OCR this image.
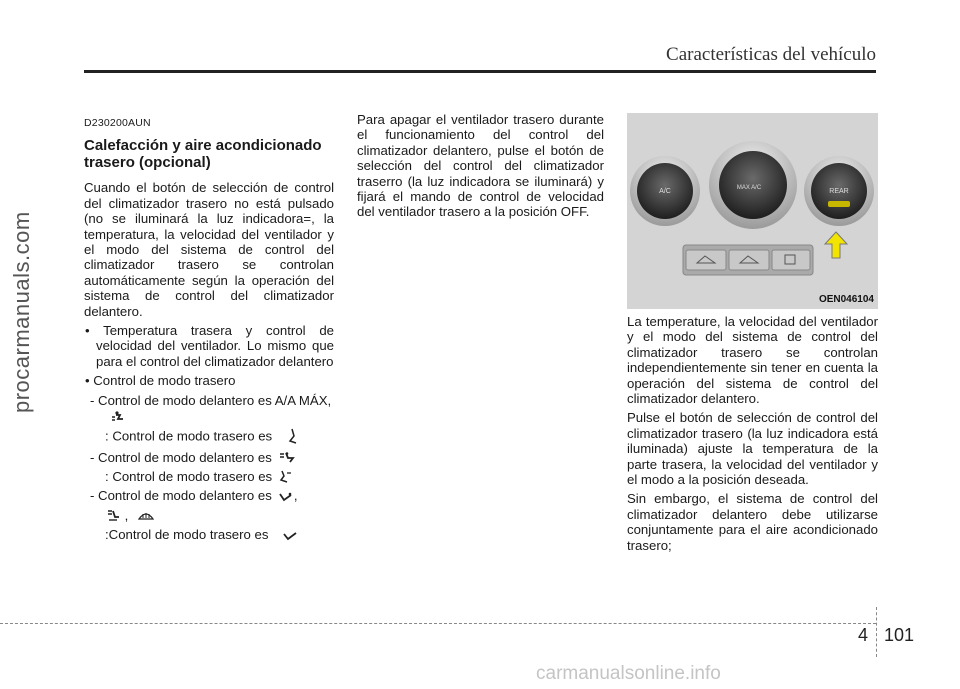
Características del vehículo
procarmanuals.com

D230200AUN

Calefacción y aire acondicionado trasero (opcional)

Cuando el botón de selección de control del climatizador trasero no está pulsado (no se iluminará la luz indicadora=, la temperatura, la velocidad del ventilador y el modo del sistema de control del climatizador trasero se controlan automáticamente según la operación del sistema de control del climatizador delantero.

• Temperatura trasera y control de velocidad del ventilador. Lo mismo que para el control del climatizador delantero

• Control de modo trasero

- Control de modo delantero es A/A MÁX,

: Control de modo trasero es

- Control de modo delantero es

: Control de modo trasero es

- Control de modo delantero es ,

,

:Control de modo trasero es

Para apagar el ventilador trasero durante el funcionamiento del control del climatizador delantero, pulse el botón de selección del control del climatizador traserro (la luz indicadora se iluminará) y fijará el mando de control de velocidad del ventilador trasero a la posición OFF.

A/C	MAX A/C	REAR
OEN046104

La temperature, la velocidad del ventilador y el modo del sistema de control del climatizador trasero se controlan independientemente sin tener en cuenta la operación del sistema de control del climatizador delantero.

Pulse el botón de selección de control del climatizador trasero (la luz indicadora está iluminada) ajuste la temperatura de la parte trasera, la velocidad del ventilador y el modo a la posición deseada.

Sin embargo, el sistema de control del climatizador delantero debe utilizarse conjuntamente para el aire acondicionado trasero;

4 101
carmanualsonline.info
